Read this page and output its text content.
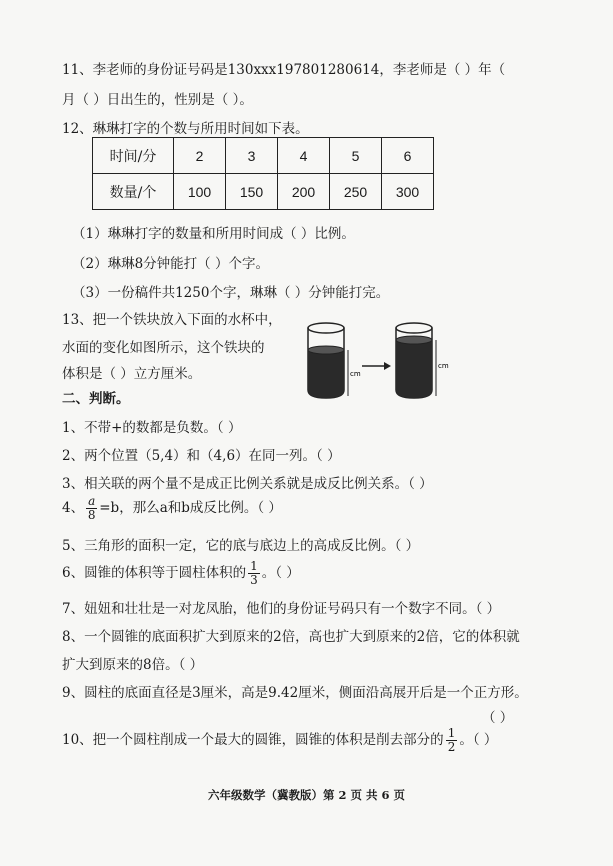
11、李老师的身份证号码是130xxx197801280614，李老师是（ ）年（
月（ ）日出生的，性别是（ ）。
12、琳琳打字的个数与所用时间如下表。
时间/分	2	3	4	5	6
数量/个	100	150	200	250	300
（1）琳琳打字的数量和所用时间成（ ）比例。
（2）琳琳8分钟能打（ ）个字。
（3）一份稿件共1250个字，琳琳（ ）分钟能打完。
13、把一个铁块放入下面的水杯中，
水面的变化如图所示，这个铁块的
体积是（ ）立方厘米。	cm
cm
二、判断。
1、不带+的数都是负数。（ ）
2、两个位置（5,4）和（4,6）在同一列。（ ）
3、相关联的两个量不是成正比例关系就是成反比例关系。（ ）
4、 $\frac{a}{8} =b$，那么a和b成反比例。（ ）
5、三角形的面积一定，它的底与底边上的高成反比例。（ ）
6、圆锥的体积等于圆柱体积的 $\frac{1}{3}$ 。（ ）
7、妞妞和壮壮是一对龙凤胎，他们的身份证号码只有一个数字不同。（ ）
8、一个圆锥的底面积扩大到原来的2倍，高也扩大到原来的2倍，它的体积就
扩大到原来的8倍。（ ）
9、圆柱的底面直径是3厘米，高是9.42厘米，侧面沿高展开后是一个正方形。
（ ）
10、把一个圆柱削成一个最大的圆锥，圆锥的体积是削去部分的 $\frac{1}{2}$ 。（ ）
六年级数学（冀教版）第 2 页 共 6 页
